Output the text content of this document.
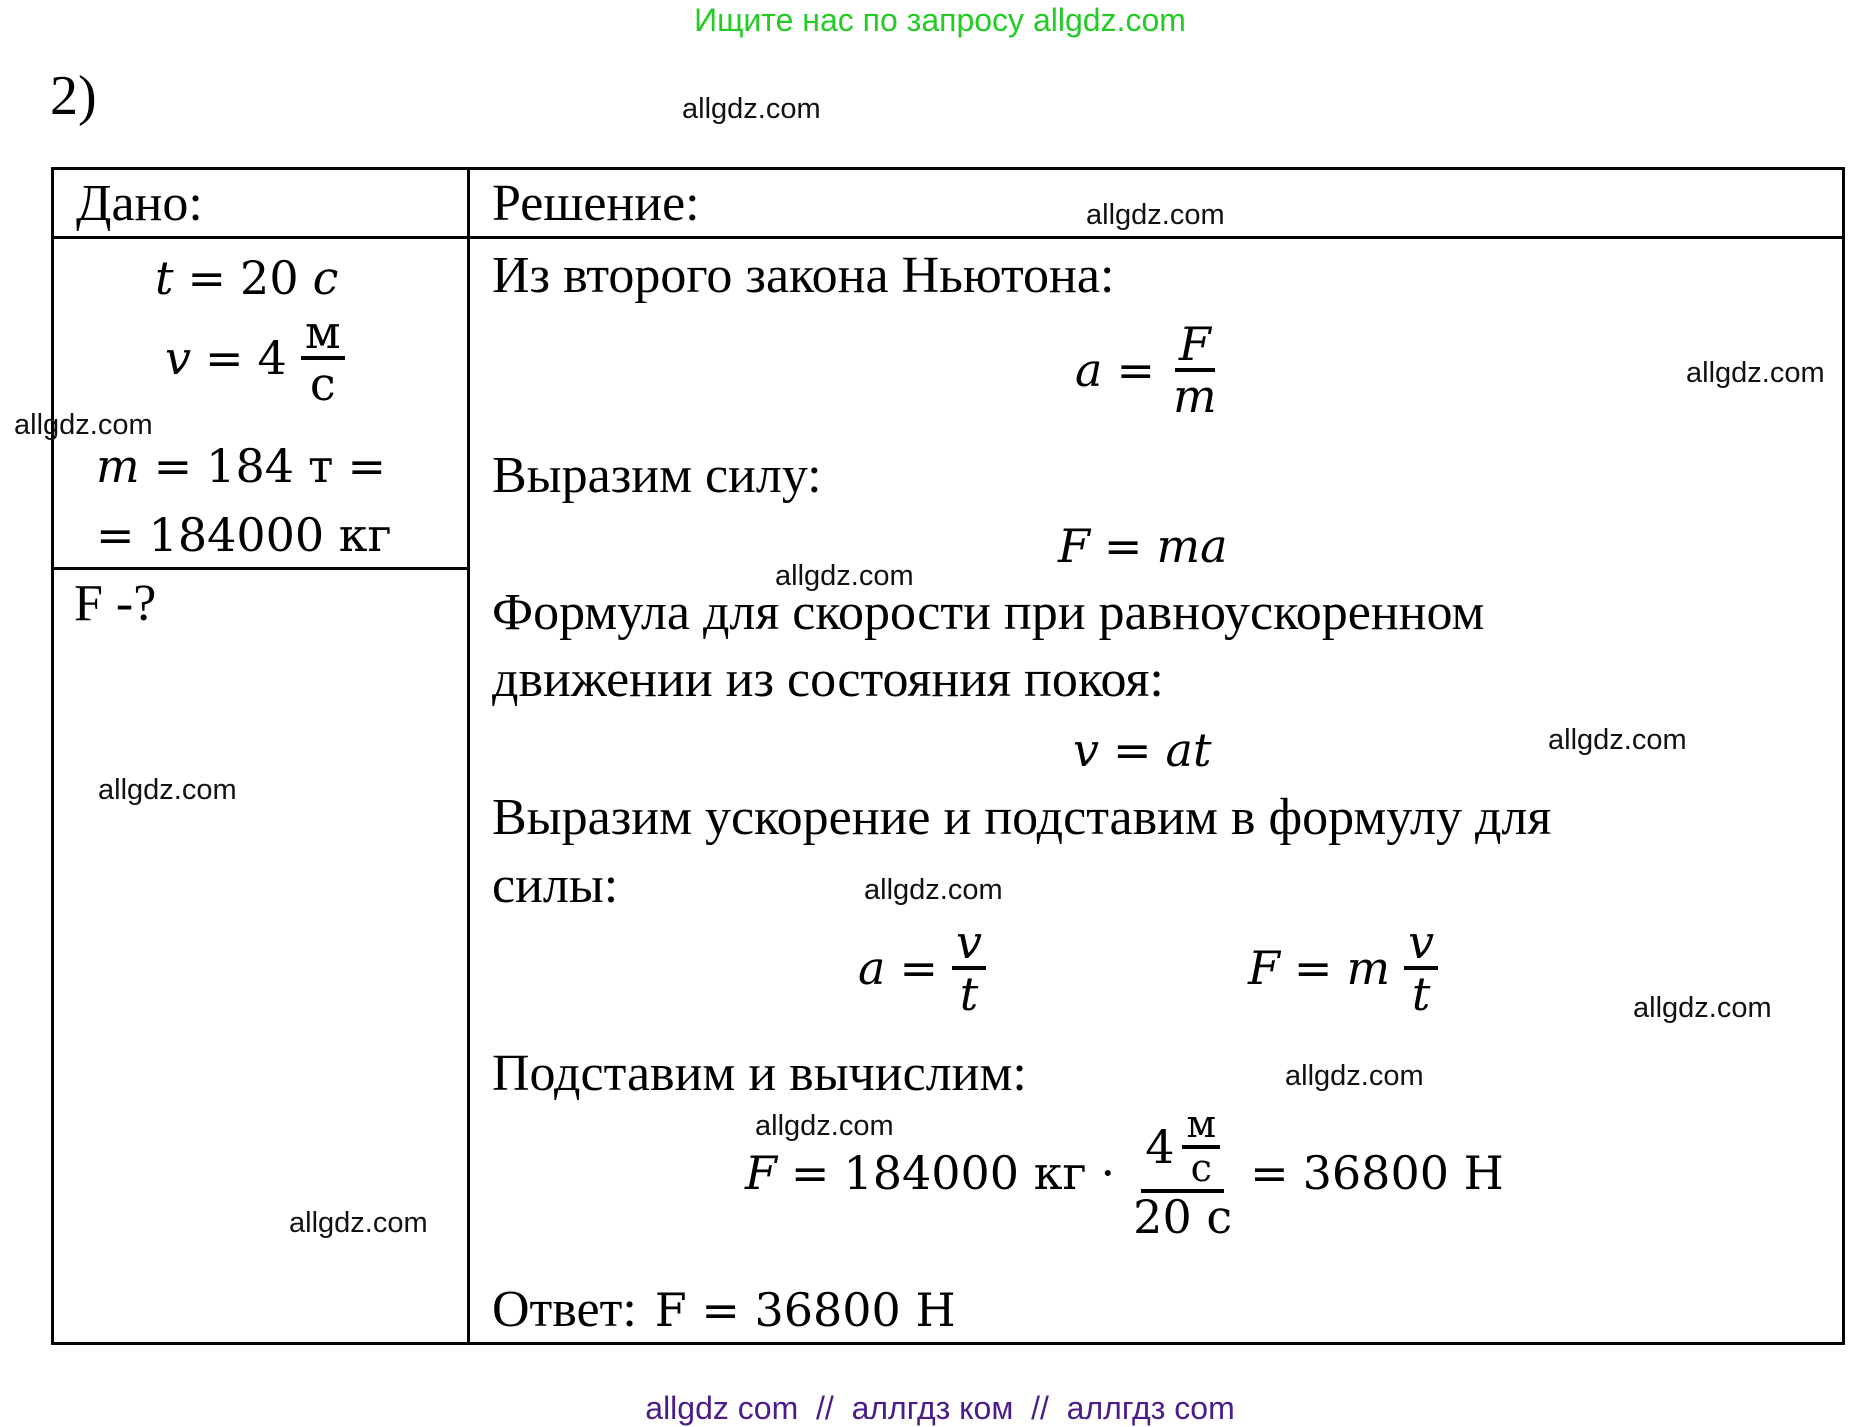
Ищите нас по запросу allgdz.com
2)
Дано:
t = 20 c
$v = 4 \frac{м}{с}$
m = 184 т =
= 184000 кг
F -?
Решение:
Из второго закона Ньютона:
$a = \frac{F}{m}$
Выразим силу:
F = ma
Формула для скорости при равноускоренном
движении из состояния покоя:
v = at
Выразим ускорение и подставим в формулу для
силы:
$a = \frac{v}{t}$	F = m $\frac{v}{t}$
Подставим и вычислим:
F = 184000 кг · $\frac{4 \frac{м}{с}}{20 с} = 36800$ Н
Ответ: F = 36800 Н
allgdz.com
allgdz.com
allgdz.com
allgdz.com
allgdz.com
allgdz.com
allgdz.com
allgdz.com
allgdz.com
allgdz.com
allgdz.com
allgdz.com
allgdz com  //  аллгдз ком  //  аллгдз com
